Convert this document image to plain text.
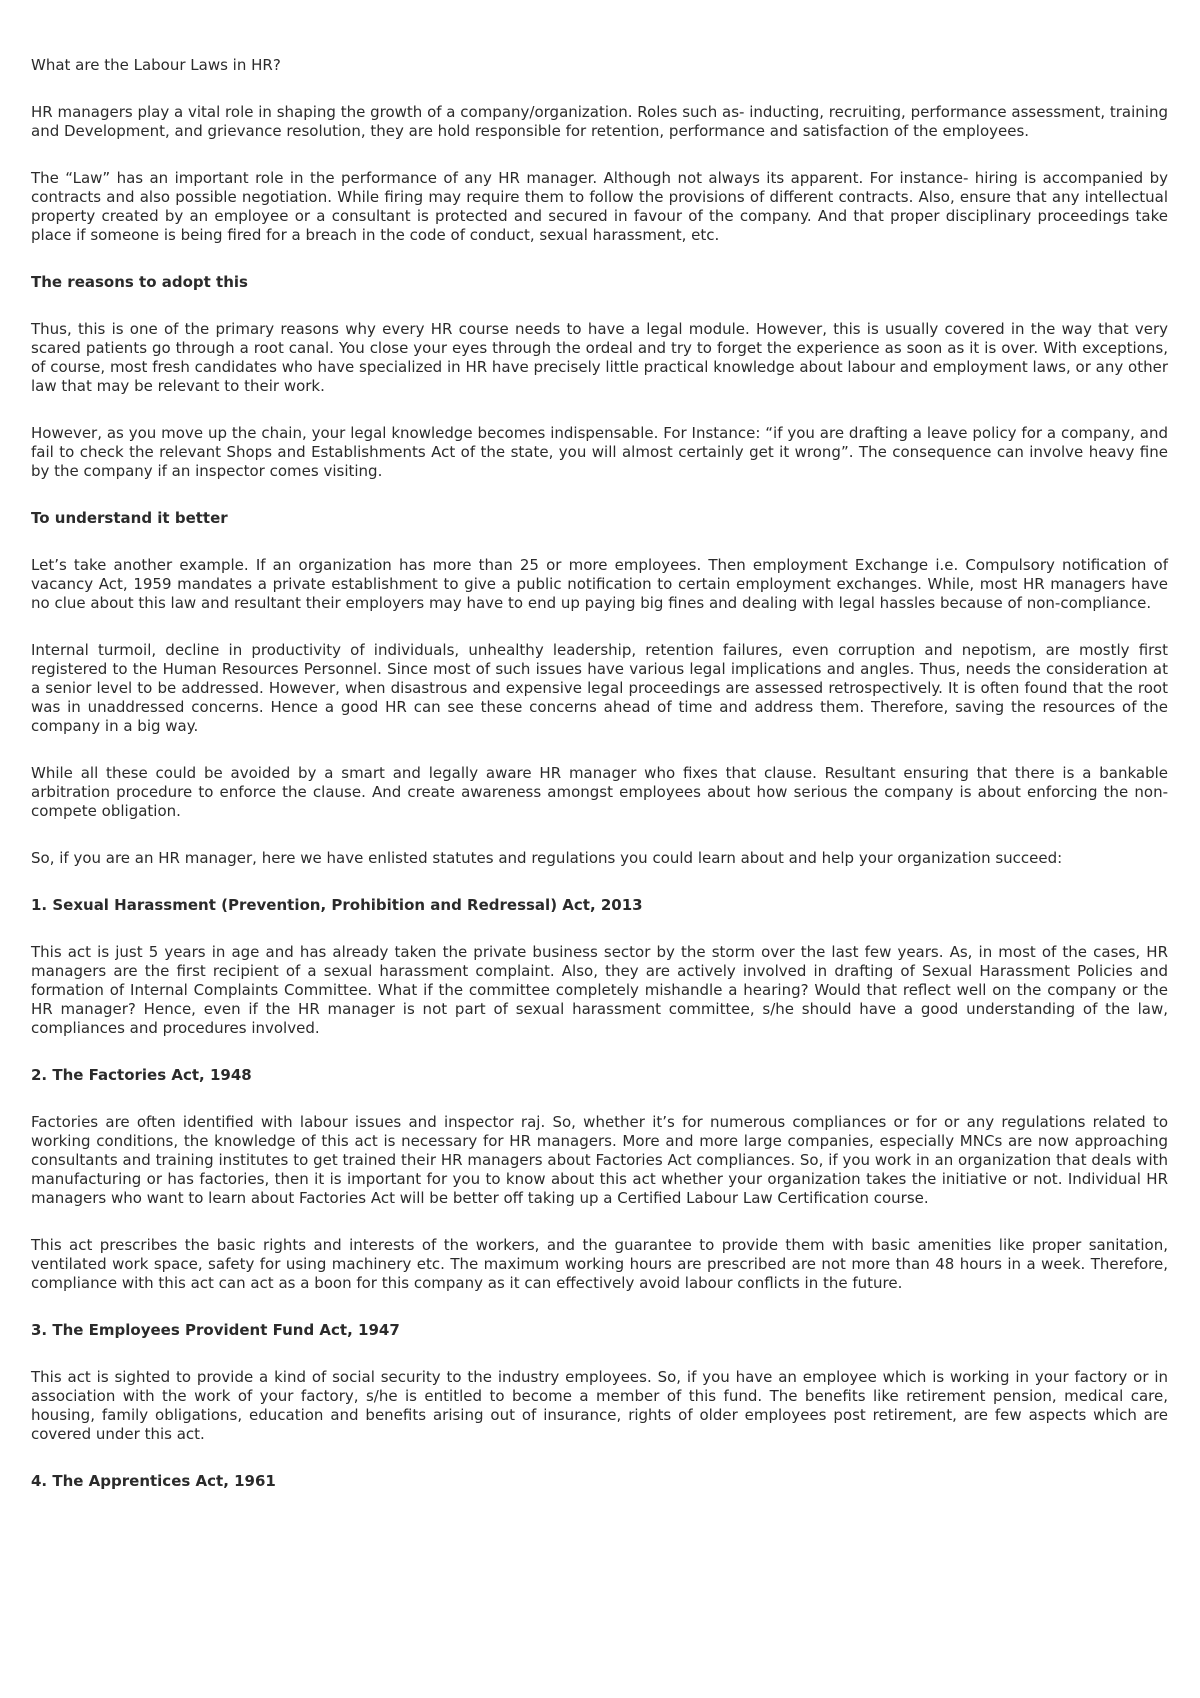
What are the Labour Laws in HR?

HR managers play a vital role in shaping the growth of a company/organization. Roles such as- inducting, recruiting, performance assessment, training and Development, and grievance resolution, they are hold responsible for retention, performance and satisfaction of the employees.

The “Law” has an important role in the performance of any HR manager. Although not always its apparent. For instance- hiring is accompanied by contracts and also possible negotiation. While firing may require them to follow the provisions of different contracts. Also, ensure that any intellectual property created by an employee or a consultant is protected and secured in favour of the company. And that proper disciplinary proceedings take place if someone is being fired for a breach in the code of conduct, sexual harassment, etc.

The reasons to adopt this

Thus, this is one of the primary reasons why every HR course needs to have a legal module. However, this is usually covered in the way that very scared patients go through a root canal. You close your eyes through the ordeal and try to forget the experience as soon as it is over. With exceptions, of course, most fresh candidates who have specialized in HR have precisely little practical knowledge about labour and employment laws, or any other law that may be relevant to their work.

However, as you move up the chain, your legal knowledge becomes indispensable. For Instance: “if you are drafting a leave policy for a company, and fail to check the relevant Shops and Establishments Act of the state, you will almost certainly get it wrong”. The consequence can involve heavy fine by the company if an inspector comes visiting.

To understand it better

Let’s take another example. If an organization has more than 25 or more employees. Then employment Exchange i.e. Compulsory notification of vacancy Act, 1959 mandates a private establishment to give a public notification to certain employment exchanges. While, most HR managers have no clue about this law and resultant their employers may have to end up paying big fines and dealing with legal hassles because of non-compliance.

Internal turmoil, decline in productivity of individuals, unhealthy leadership, retention failures, even corruption and nepotism, are mostly first registered to the Human Resources Personnel. Since most of such issues have various legal implications and angles. Thus, needs the consideration at a senior level to be addressed. However, when disastrous and expensive legal proceedings are assessed retrospectively. It is often found that the root was in unaddressed concerns. Hence a good HR can see these concerns ahead of time and address them. Therefore, saving the resources of the company in a big way.

While all these could be avoided by a smart and legally aware HR manager who fixes that clause. Resultant ensuring that there is a bankable arbitration procedure to enforce the clause. And create awareness amongst employees about how serious the company is about enforcing the non-compete obligation.

So, if you are an HR manager, here we have enlisted statutes and regulations you could learn about and help your organization succeed:

1. Sexual Harassment (Prevention, Prohibition and Redressal) Act, 2013

This act is just 5 years in age and has already taken the private business sector by the storm over the last few years. As, in most of the cases, HR managers are the first recipient of a sexual harassment complaint. Also, they are actively involved in drafting of Sexual Harassment Policies and formation of Internal Complaints Committee. What if the committee completely mishandle a hearing? Would that reflect well on the company or the HR manager? Hence, even if the HR manager is not part of sexual harassment committee, s/he should have a good understanding of the law, compliances and procedures involved.

2. The Factories Act, 1948

Factories are often identified with labour issues and inspector raj. So, whether it’s for numerous compliances or for or any regulations related to working conditions, the knowledge of this act is necessary for HR managers. More and more large companies, especially MNCs are now approaching consultants and training institutes to get trained their HR managers about Factories Act compliances. So, if you work in an organization that deals with manufacturing or has factories, then it is important for you to know about this act whether your organization takes the initiative or not. Individual HR managers who want to learn about Factories Act will be better off taking up a Certified Labour Law Certification course.

This act prescribes the basic rights and interests of the workers, and the guarantee to provide them with basic amenities like proper sanitation, ventilated work space, safety for using machinery etc. The maximum working hours are prescribed are not more than 48 hours in a week. Therefore, compliance with this act can act as a boon for this company as it can effectively avoid labour conflicts in the future.

3. The Employees Provident Fund Act, 1947

This act is sighted to provide a kind of social security to the industry employees. So, if you have an employee which is working in your factory or in association with the work of your factory, s/he is entitled to become a member of this fund. The benefits like retirement pension, medical care, housing, family obligations, education and benefits arising out of insurance, rights of older employees post retirement, are few aspects which are covered under this act.

4. The Apprentices Act, 1961
